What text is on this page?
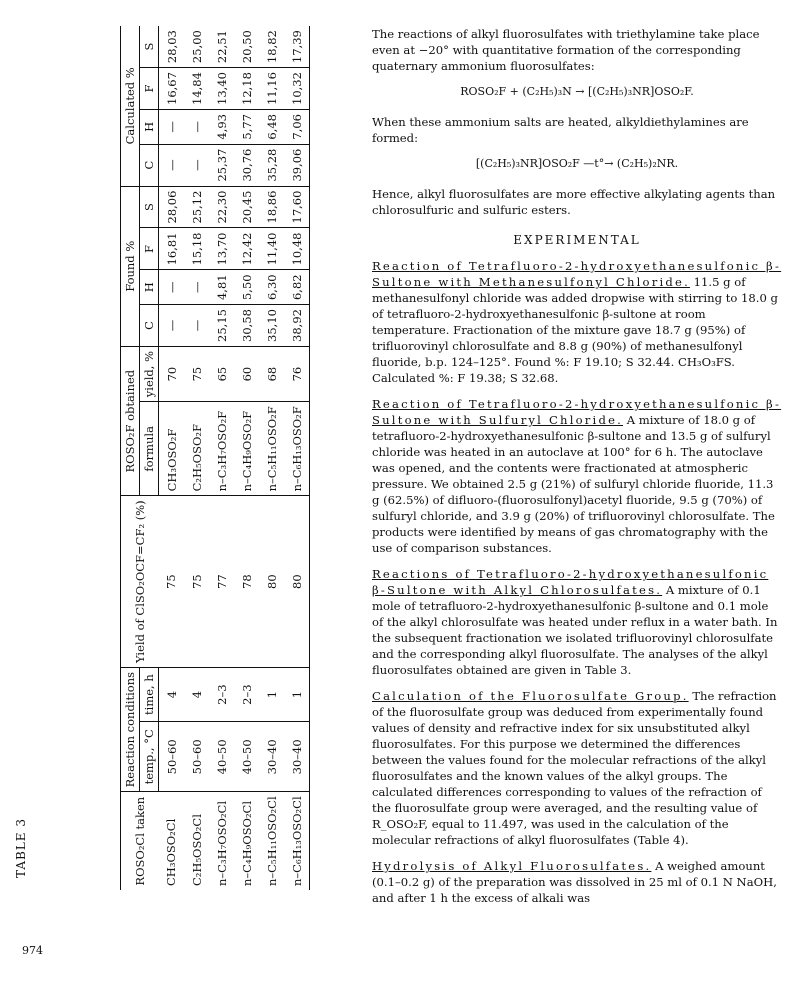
TABLE 3	ROSO₂Cl taken	Reaction conditions		Yield of ClSO₂OCF=CF₂ (%)	ROSO₂F obtained		Found %				Calculated %			
	temp., °C	time, h		formula	yield, %	C	H	F	S	C	H	F	S
CH₃OSO₂Cl	50–60	4	75	CH₃OSO₂F	70	—	—	16,81	28,06	—	—	16,67	28,03
C₂H₅OSO₂Cl	50–60	4	75	C₂H₅OSO₂F	75	—	—	15,18	25,12	—	—	14,84	25,00
n–C₃H₇OSO₂Cl	40–50	2–3	77	n–C₃H₇OSO₂F	65	25,15	4,81	13,70	22,30	25,37	4,93	13,40	22,51
n–C₄H₉OSO₂Cl	40–50	2–3	78	n–C₄H₉OSO₂F	60	30,58	5,50	12,42	20,45	30,76	5,77	12,18	20,50
n–C₅H₁₁OSO₂Cl	30–40	1	80	n–C₅H₁₁OSO₂F	68	35,10	6,30	11,40	18,86	35,28	6,48	11,16	18,82
n–C₆H₁₃OSO₂Cl	30–40	1	80	n–C₆H₁₃OSO₂F	76	38,92	6,82	10,48	17,60	39,06	7,06	10,32	17,39	The reactions of alkyl fluorosulfates with triethylamine take place even at −20° with quantitative formation of the corresponding quaternary ammonium fluorosulfates:

ROSO₂F + (C₂H₅)₃N → [(C₂H₅)₃NR]OSO₂F.

When these ammonium salts are heated, alkyldiethylamines are formed:

[(C₂H₅)₃NR]OSO₂F —t°→ (C₂H₅)₂NR.

Hence, alkyl fluorosulfates are more effective alkylating agents than chlorosulfuric and sulfuric esters.

EXPERIMENTAL

Reaction of Tetrafluoro-2-hydroxyethanesulfonic β-Sultone with Methanesulfonyl Chloride. 11.5 g of methanesulfonyl chloride was added dropwise with stirring to 18.0 g of tetrafluoro-2-hydroxyethanesulfonic β-sultone at room temperature. Fractionation of the mixture gave 18.7 g (95%) of trifluorovinyl chlorosulfate and 8.8 g (90%) of methanesulfonyl fluoride, b.p. 124–125°. Found %: F 19.10; S 32.44. CH₃O₃FS. Calculated %: F 19.38; S 32.68.

Reaction of Tetrafluoro-2-hydroxyethanesulfonic β-Sultone with Sulfuryl Chloride. A mixture of 18.0 g of tetrafluoro-2-hydroxyethanesulfonic β-sultone and 13.5 g of sulfuryl chloride was heated in an autoclave at 100° for 6 h. The autoclave was opened, and the contents were fractionated at atmospheric pressure. We obtained 2.5 g (21%) of sulfuryl chloride fluoride, 11.3 g (62.5%) of difluoro-(fluorosulfonyl)acetyl fluoride, 9.5 g (70%) of sulfuryl chloride, and 3.9 g (20%) of trifluorovinyl chlorosulfate. The products were identified by means of gas chromatography with the use of comparison substances.

Reactions of Tetrafluoro-2-hydroxyethanesulfonic β-Sultone with Alkyl Chlorosulfates. A mixture of 0.1 mole of tetrafluoro-2-hydroxyethanesulfonic β-sultone and 0.1 mole of the alkyl chlorosulfate was heated under reflux in a water bath. In the subsequent fractionation we isolated trifluorovinyl chlorosulfate and the corresponding alkyl fluorosulfate. The analyses of the alkyl fluorosulfates obtained are given in Table 3.

Calculation of the Fluorosulfate Group. The refraction of the fluorosulfate group was deduced from experimentally found values of density and refractive index for six unsubstituted alkyl fluorosulfates. For this purpose we determined the differences between the values found for the molecular refractions of the alkyl fluorosulfates and the known values of the alkyl groups. The calculated differences corresponding to values of the refraction of the fluorosulfate group were averaged, and the resulting value of R_OSO₂F, equal to 11.497, was used in the calculation of the molecular refractions of alkyl fluorosulfates (Table 4).

Hydrolysis of Alkyl Fluorosulfates. A weighed amount (0.1–0.2 g) of the preparation was dissolved in 25 ml of 0.1 N NaOH, and after 1 h the excess of alkali was

974
